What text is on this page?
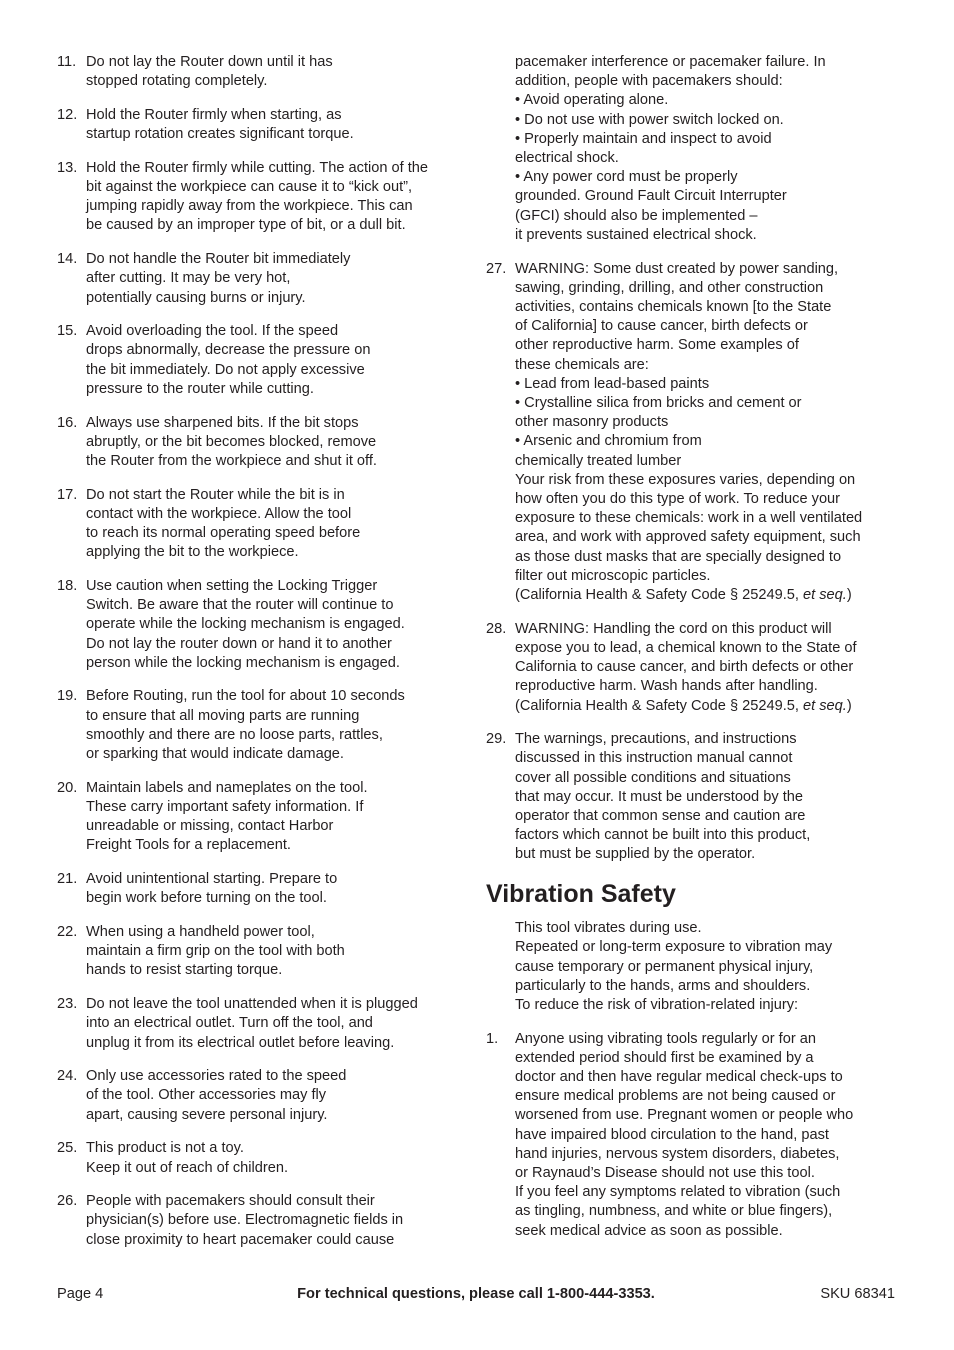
11. Do not lay the Router down until it has
stopped rotating completely.
12. Hold the Router firmly when starting, as
startup rotation creates significant torque.
13. Hold the Router firmly while cutting. The action of the
bit against the workpiece can cause it to “kick out”,
jumping rapidly away from the workpiece. This can
be caused by an improper type of bit, or a dull bit.
14. Do not handle the Router bit immediately
after cutting. It may be very hot,
potentially causing burns or injury.
15. Avoid overloading the tool. If the speed
drops abnormally, decrease the pressure on
the bit immediately. Do not apply excessive
pressure to the router while cutting.
16. Always use sharpened bits. If the bit stops
abruptly, or the bit becomes blocked, remove
the Router from the workpiece and shut it off.
17. Do not start the Router while the bit is in
contact with the workpiece. Allow the tool
to reach its normal operating speed before
applying the bit to the workpiece.
18. Use caution when setting the Locking Trigger
Switch. Be aware that the router will continue to
operate while the locking mechanism is engaged.
Do not lay the router down or hand it to another
person while the locking mechanism is engaged.
19. Before Routing, run the tool for about 10 seconds
to ensure that all moving parts are running
smoothly and there are no loose parts, rattles,
or sparking that would indicate damage.
20. Maintain labels and nameplates on the tool.
These carry important safety information. If
unreadable or missing, contact Harbor
Freight Tools for a replacement.
21. Avoid unintentional starting. Prepare to
begin work before turning on the tool.
22. When using a handheld power tool,
maintain a firm grip on the tool with both
hands to resist starting torque.
23. Do not leave the tool unattended when it is plugged
into an electrical outlet. Turn off the tool, and
unplug it from its electrical outlet before leaving.
24. Only use accessories rated to the speed
of the tool. Other accessories may fly
apart, causing severe personal injury.
25. This product is not a toy.
Keep it out of reach of children.
26. People with pacemakers should consult their
physician(s) before use. Electromagnetic fields in
close proximity to heart pacemaker could cause
pacemaker interference or pacemaker failure. In
addition, people with pacemakers should:
• Avoid operating alone.
• Do not use with power switch locked on.
• Properly maintain and inspect to avoid
electrical shock.
• Any power cord must be properly
grounded. Ground Fault Circuit Interrupter
(GFCI) should also be implemented –
it prevents sustained electrical shock.
27. WARNING: Some dust created by power sanding,
sawing, grinding, drilling, and other construction
activities, contains chemicals known [to the State
of California] to cause cancer, birth defects or
other reproductive harm. Some examples of
these chemicals are:
• Lead from lead-based paints
• Crystalline silica from bricks and cement or
other masonry products
• Arsenic and chromium from
chemically treated lumber
Your risk from these exposures varies, depending on
how often you do this type of work. To reduce your
exposure to these chemicals: work in a well ventilated
area, and work with approved safety equipment, such
as those dust masks that are specially designed to
filter out microscopic particles.
(California Health & Safety Code § 25249.5, et seq.)
28. WARNING: Handling the cord on this product will
expose you to lead, a chemical known to the State of
California to cause cancer, and birth defects or other
reproductive harm. Wash hands after handling.
(California Health & Safety Code § 25249.5, et seq.)
29. The warnings, precautions, and instructions
discussed in this instruction manual cannot
cover all possible conditions and situations
that may occur. It must be understood by the
operator that common sense and caution are
factors which cannot be built into this product,
but must be supplied by the operator.
Vibration Safety
This tool vibrates during use.
Repeated or long-term exposure to vibration may
cause temporary or permanent physical injury,
particularly to the hands, arms and shoulders.
To reduce the risk of vibration-related injury:
1.	Anyone using vibrating tools regularly or for an
extended period should first be examined by a
doctor and then have regular medical check-ups to
ensure medical problems are not being caused or
worsened from use. Pregnant women or people who
have impaired blood circulation to the hand, past
hand injuries, nervous system disorders, diabetes,
or Raynaud’s Disease should not use this tool.
If you feel any symptoms related to vibration (such
as tingling, numbness, and white or blue fingers),
seek medical advice as soon as possible.
Page 4	For technical questions, please call 1-800-444-3353.	SKU 68341
